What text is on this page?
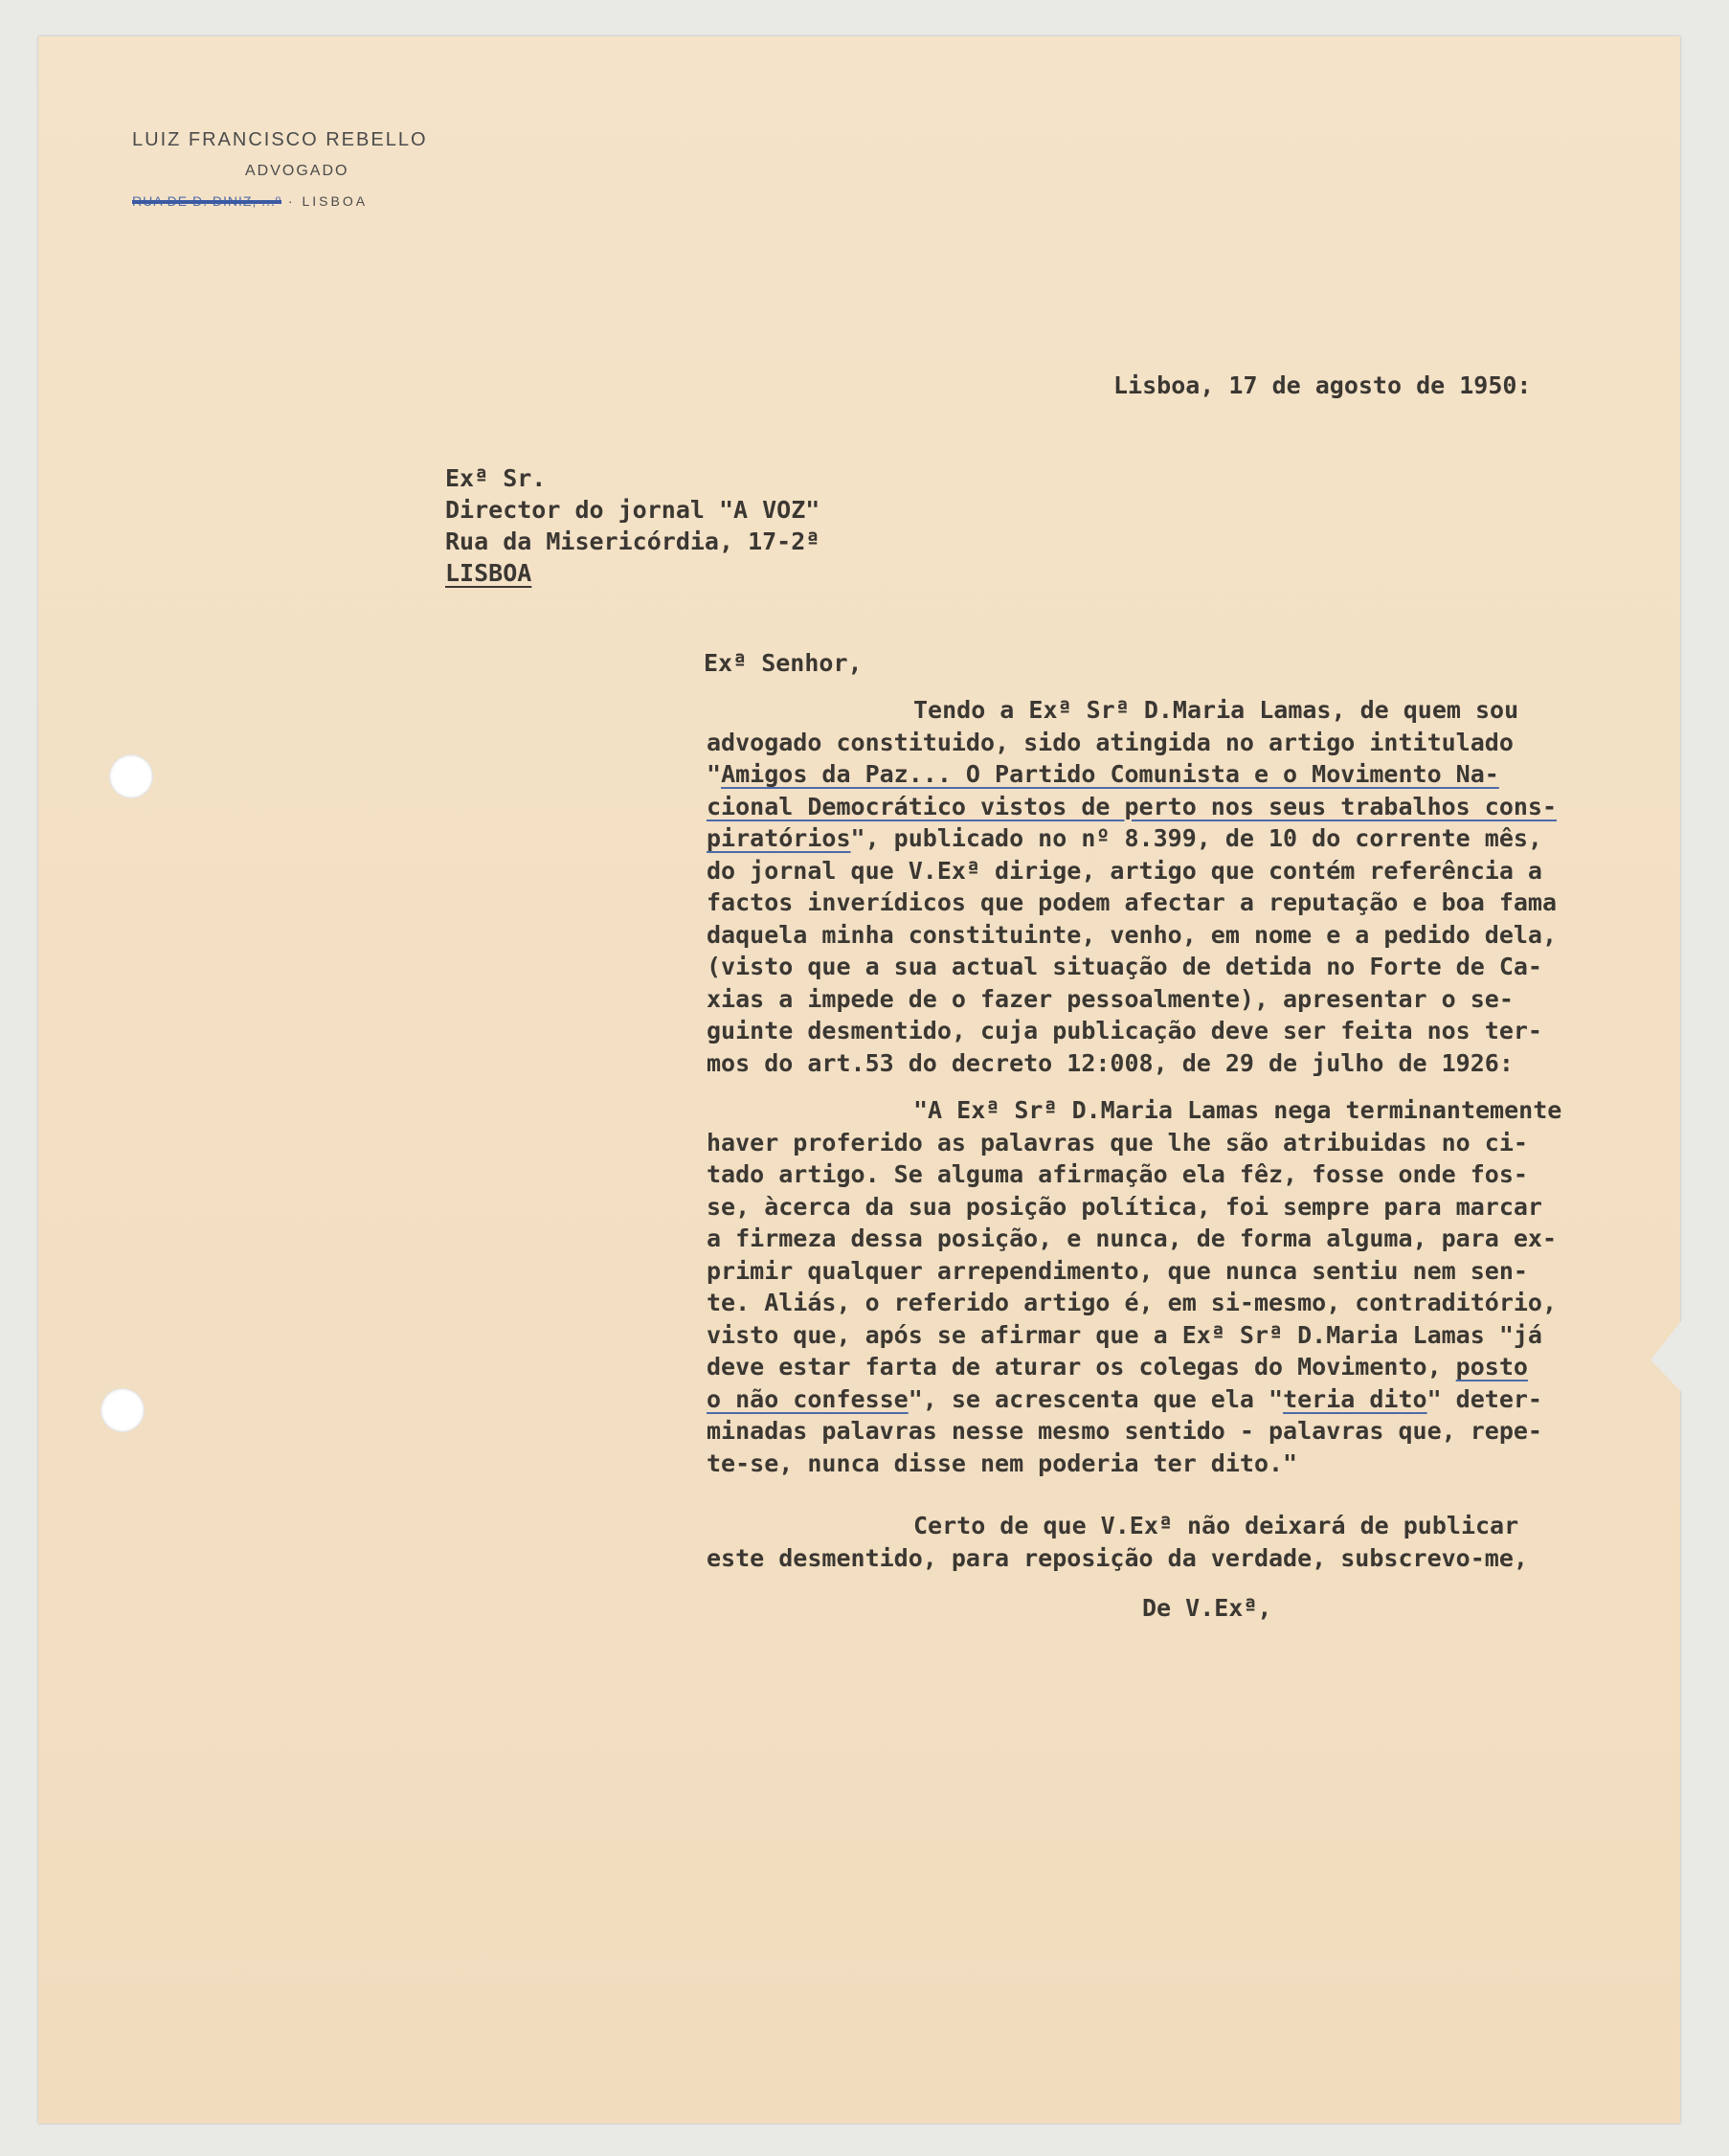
LUIZ FRANCISCO REBELLO
ADVOGADO
RUA DE D. DINIZ, ...º · LISBOA
Lisboa, 17 de agosto de 1950:
Exª Sr.
Director do jornal "A VOZ"
Rua da Misericórdia, 17-2ª
LISBOA
Exª Senhor,
Tendo a Exª Srª D.Maria Lamas, de quem sou
advogado constituido, sido atingida no artigo intitulado
"Amigos da Paz... O Partido Comunista e o Movimento Na-
cional Democrático vistos de perto nos seus trabalhos cons-
piratórios", publicado no nº 8.399, de 10 do corrente mês,
do jornal que V.Exª dirige, artigo que contém referência a
factos inverídicos que podem afectar a reputação e boa fama
daquela minha constituinte, venho, em nome e a pedido dela,
(visto que a sua actual situação de detida no Forte de Ca-
xias a impede de o fazer pessoalmente), apresentar o se-
guinte desmentido, cuja publicação deve ser feita nos ter-
mos do art.53 do decreto 12:008, de 29 de julho de 1926:
"A Exª Srª D.Maria Lamas nega terminantemente
haver proferido as palavras que lhe são atribuidas no ci-
tado artigo. Se alguma afirmação ela fêz, fosse onde fos-
se, àcerca da sua posição política, foi sempre para marcar
a firmeza dessa posição, e nunca, de forma alguma, para ex-
primir qualquer arrependimento, que nunca sentiu nem sen-
te. Aliás, o referido artigo é, em si-mesmo, contraditório,
visto que, após se afirmar que a Exª Srª D.Maria Lamas "já
deve estar farta de aturar os colegas do Movimento, posto
o não confesse", se acrescenta que ela "teria dito" deter-
minadas palavras nesse mesmo sentido - palavras que, repe-
te-se, nunca disse nem poderia ter dito."
Certo de que V.Exª não deixará de publicar
este desmentido, para reposição da verdade, subscrevo-me,
De V.Exª,
